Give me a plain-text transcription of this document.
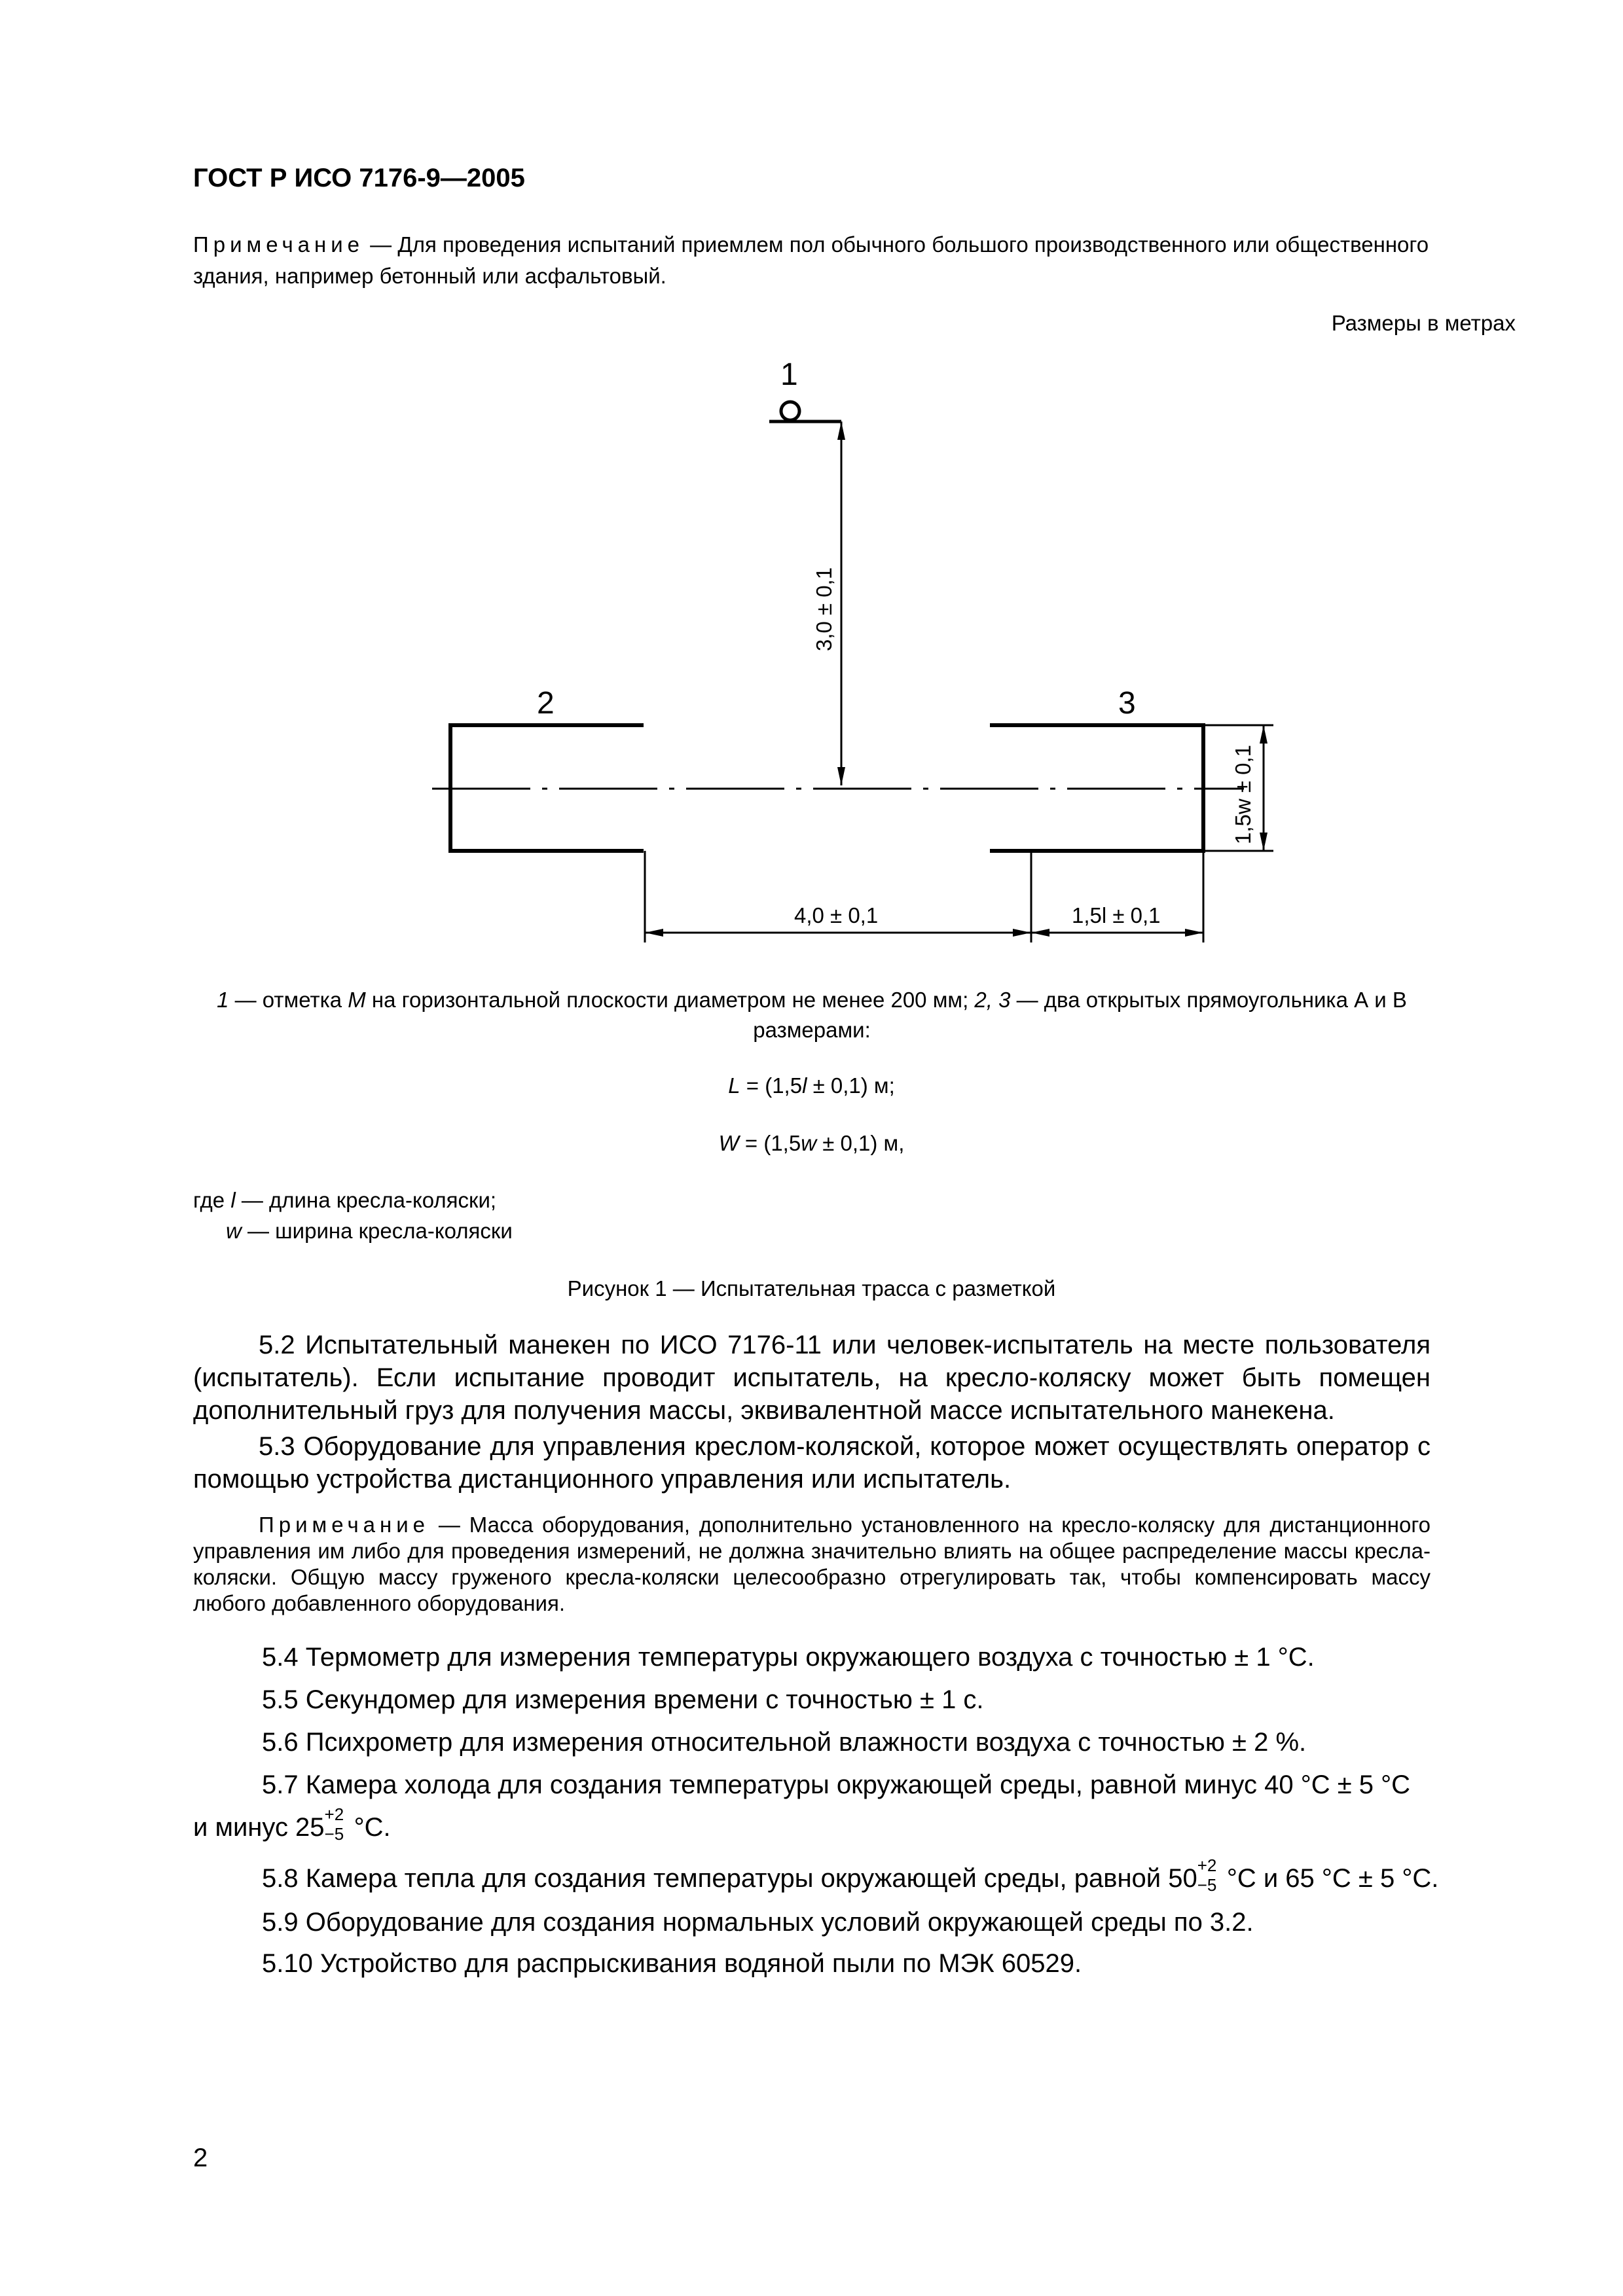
ГОСТ Р ИСО 7176-9—2005
Примечание — Для проведения испытаний приемлем пол обычного большого производственного или общественного здания, например бетонный или асфальтовый.
Размеры в метрах
1
2	3
3,0 ± 0,1
1,5w ± 0,1
4,0 ± 0,1	1,5l ± 0,1
1 — отметка M на горизонтальной плоскости диаметром не менее 200 мм; 2, 3 — два открытых прямоугольника А и В размерами:
L = (1,5l ± 0,1) м;
W = (1,5w ± 0,1) м,
где l — длина кресла-коляски;
w — ширина кресла-коляски
Рисунок 1 — Испытательная трасса с разметкой
5.2 Испытательный манекен по ИСО 7176-11 или человек-испытатель на месте пользователя (испытатель). Если испытание проводит испытатель, на кресло-коляску может быть помещен дополнительный груз для получения массы, эквивалентной массе испытательного манекена.
5.3 Оборудование для управления креслом-коляской, которое может осуществлять оператор с помощью устройства дистанционного управления или испытатель.
Примечание — Масса оборудования, дополнительно установленного на кресло-коляску для дистанционного управления им либо для проведения измерений, не должна значительно влиять на общее распределение массы кресла-коляски. Общую массу груженого кресла-коляски целесообразно отрегулировать так, чтобы компенсировать массу любого добавленного оборудования.
5.4 Термометр для измерения температуры окружающего воздуха с точностью ± 1 °С.
5.5 Секундомер для измерения времени с точностью ± 1 с.
5.6 Психрометр для измерения относительной влажности воздуха с точностью ± 2 %.
5.7 Камера холода для создания температуры окружающей среды, равной минус 40 °С ± 5 °С
и минус 25 +2
−5 °С.
5.8 Камера тепла для создания температуры окружающей среды, равной 50 +2
−5 °С и 65 °С ± 5 °С.
5.9 Оборудование для создания нормальных условий окружающей среды по 3.2.
5.10 Устройство для распрыскивания водяной пыли по МЭК 60529.
2
